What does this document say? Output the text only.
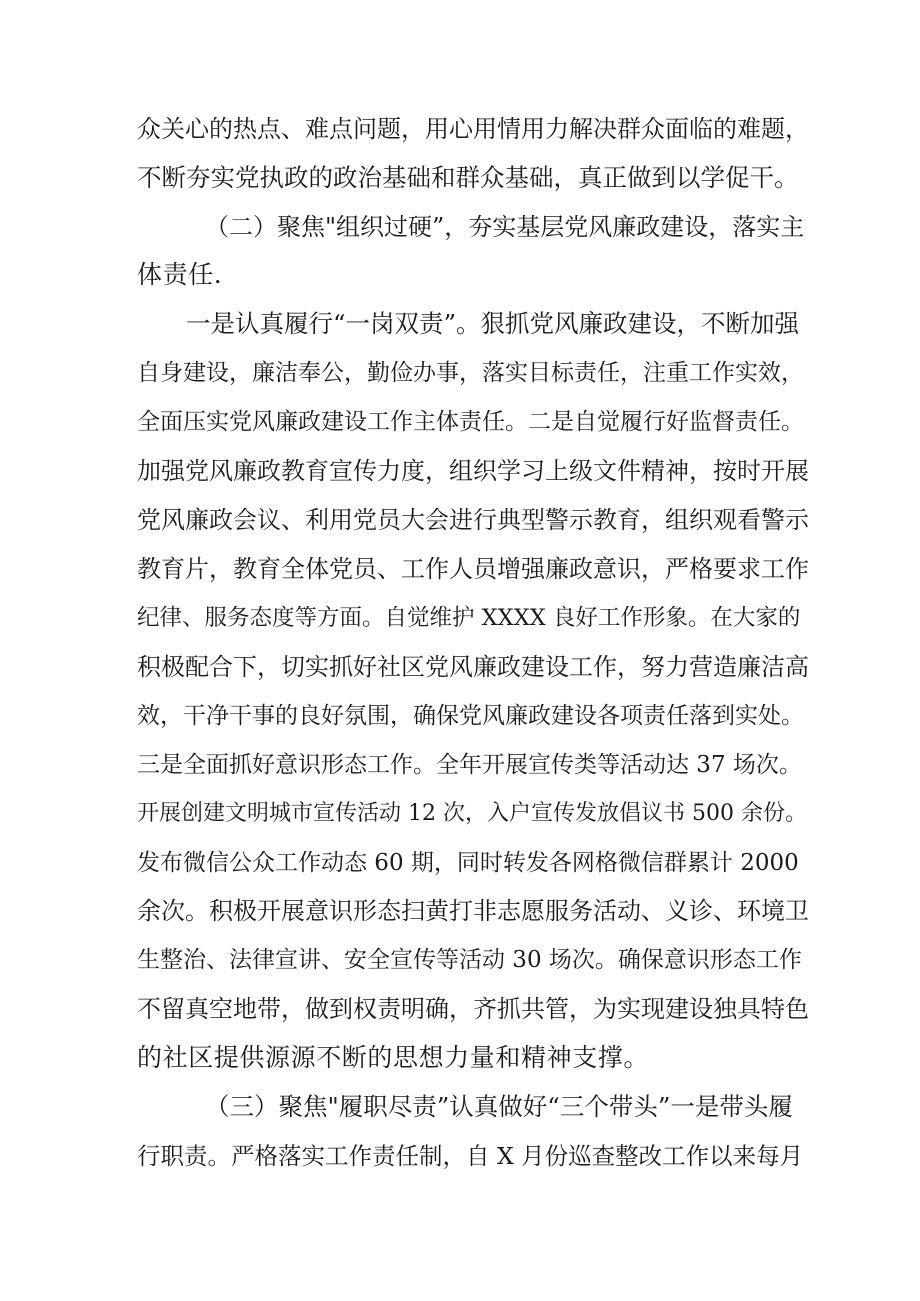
众关心的热点、难点问题，用心用情用力解决群众面临的难题，
不断夯实党执政的政治基础和群众基础，真正做到以学促干。
（二）聚焦"组织过硬”，夯实基层党风廉政建设，落实主
体责任.
一是认真履行“一岗双责”。狠抓党风廉政建设，不断加强
自身建设，廉洁奉公，勤俭办事，落实目标责任，注重工作实效，
全面压实党风廉政建设工作主体责任。二是自觉履行好监督责任。
加强党风廉政教育宣传力度，组织学习上级文件精神，按时开展
党风廉政会议、利用党员大会进行典型警示教育，组织观看警示
教育片，教育全体党员、工作人员增强廉政意识，严格要求工作
纪律、服务态度等方面。自觉维护 XXXX 良好工作形象。在大家的
积极配合下，切实抓好社区党风廉政建设工作，努力营造廉洁高
效，干净干事的良好氛围，确保党风廉政建设各项责任落到实处。
三是全面抓好意识形态工作。全年开展宣传类等活动达 37 场次。
开展创建文明城市宣传活动 12 次，入户宣传发放倡议书 500 余份。
发布微信公众工作动态 60 期，同时转发各网格微信群累计 2000
余次。积极开展意识形态扫黄打非志愿服务活动、义诊、环境卫
生整治、法律宣讲、安全宣传等活动 30 场次。确保意识形态工作
不留真空地带，做到权责明确，齐抓共管，为实现建设独具特色
的社区提供源源不断的思想力量和精神支撑。
（三）聚焦"履职尽责”认真做好“三个带头”一是带头履
行职责。严格落实工作责任制，自 X 月份巡查整改工作以来每月
